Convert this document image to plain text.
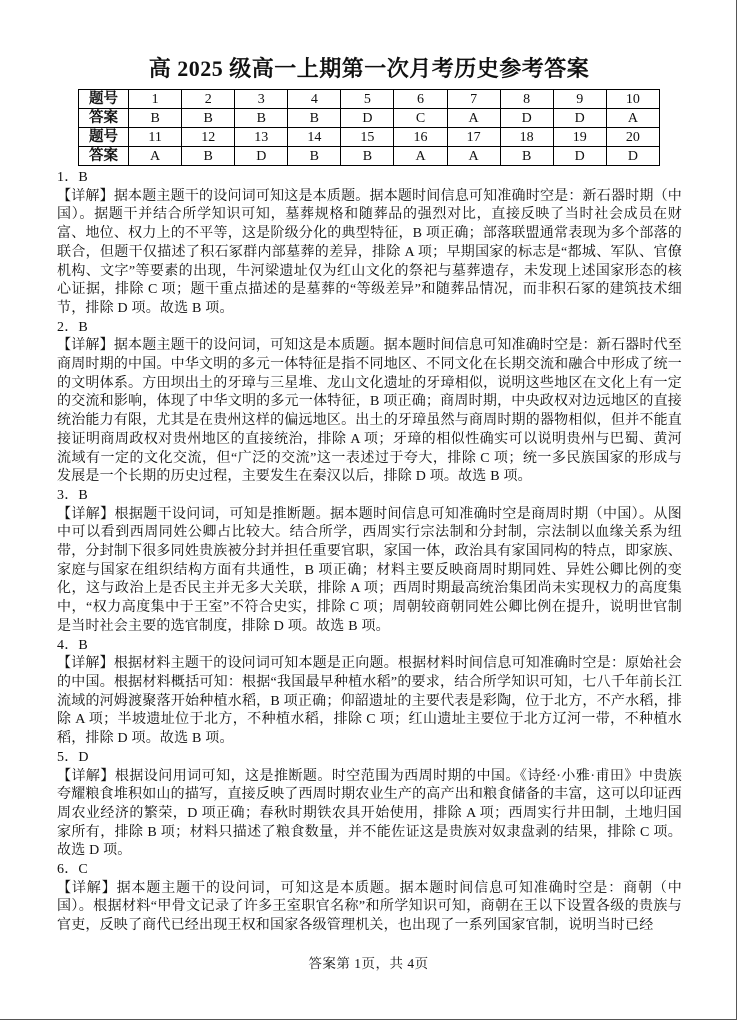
高 2025 级高一上期第一次月考历史参考答案
题号	1	2	3	4	5	6	7	8	9	10
答案	B	B	B	B	D	C	A	D	D	A
题号	11	12	13	14	15	16	17	18	19	20
答案	A	B	D	B	B	A	A	B	D	D
1．B
【详解】据本题主题干的设问词可知这是本质题。据本题时间信息可知准确时空是：新石器时期（中国）。据题干并结合所学知识可知，墓葬规格和随葬品的强烈对比，直接反映了当时社会成员在财富、地位、权力上的不平等，这是阶级分化的典型特征，B 项正确；部落联盟通常表现为多个部落的联合，但题干仅描述了积石冢群内部墓葬的差异，排除 A 项；早期国家的标志是“都城、军队、官僚机构、文字”等要素的出现，牛河梁遗址仅为红山文化的祭祀与墓葬遗存，未发现上述国家形态的核心证据，排除 C 项；题干重点描述的是墓葬的“等级差异”和随葬品情况，而非积石冢的建筑技术细节，排除 D 项。故选 B 项。
2．B
【详解】据本题主题干的设问词，可知这是本质题。据本题时间信息可知准确时空是：新石器时代至商周时期的中国。中华文明的多元一体特征是指不同地区、不同文化在长期交流和融合中形成了统一的文明体系。方田坝出土的牙璋与三星堆、龙山文化遗址的牙璋相似，说明这些地区在文化上有一定的交流和影响，体现了中华文明的多元一体特征，B 项正确；商周时期，中央政权对边远地区的直接统治能力有限，尤其是在贵州这样的偏远地区。出土的牙璋虽然与商周时期的器物相似，但并不能直接证明商周政权对贵州地区的直接统治，排除 A 项；牙璋的相似性确实可以说明贵州与巴蜀、黄河流域有一定的文化交流，但“广泛的交流”这一表述过于夸大，排除 C 项；统一多民族国家的形成与发展是一个长期的历史过程，主要发生在秦汉以后，排除 D 项。故选 B 项。
3．B
【详解】根据题干设问词，可知是推断题。据本题时间信息可知准确时空是商周时期（中国）。从图中可以看到西周同姓公卿占比较大。结合所学，西周实行宗法制和分封制，宗法制以血缘关系为纽带，分封制下很多同姓贵族被分封并担任重要官职，家国一体，政治具有家国同构的特点，即家族、家庭与国家在组织结构方面有共通性，B 项正确；材料主要反映商周时期同姓、异姓公卿比例的变化，这与政治上是否民主并无多大关联，排除 A 项；西周时期最高统治集团尚未实现权力的高度集中，“权力高度集中于王室”不符合史实，排除 C 项；周朝较商朝同姓公卿比例在提升，说明世官制是当时社会主要的选官制度，排除 D 项。故选 B 项。
4．B
【详解】根据材料主题干的设问词可知本题是正向题。根据材料时间信息可知准确时空是：原始社会的中国。根据材料概括可知：根据“我国最早种植水稻”的要求，结合所学知识可知，七八千年前长江流域的河姆渡聚落开始种植水稻，B 项正确；仰韶遗址的主要代表是彩陶，位于北方，不产水稻，排除 A 项；半坡遗址位于北方，不种植水稻，排除 C 项；红山遗址主要位于北方辽河一带，不种植水稻，排除 D 项。故选 B 项。
5．D
【详解】根据设问用词可知，这是推断题。时空范围为西周时期的中国。《诗经·小雅·甫田》中贵族夸耀粮食堆积如山的描写，直接反映了西周时期农业生产的高产出和粮食储备的丰富，这可以印证西周农业经济的繁荣，D 项正确；春秋时期铁农具开始使用，排除 A 项；西周实行井田制，土地归国家所有，排除 B 项；材料只描述了粮食数量，并不能佐证这是贵族对奴隶盘剥的结果，排除 C 项。故选 D 项。
6．C
【详解】据本题主题干的设问词，可知这是本质题。据本题时间信息可知准确时空是：商朝（中国）。根据材料“甲骨文记录了许多王室职官名称”和所学知识可知，商朝在王以下设置各级的贵族与官吏，反映了商代已经出现王权和国家各级管理机关，也出现了一系列国家官制，说明当时已经
答案第 1页，共 4页
